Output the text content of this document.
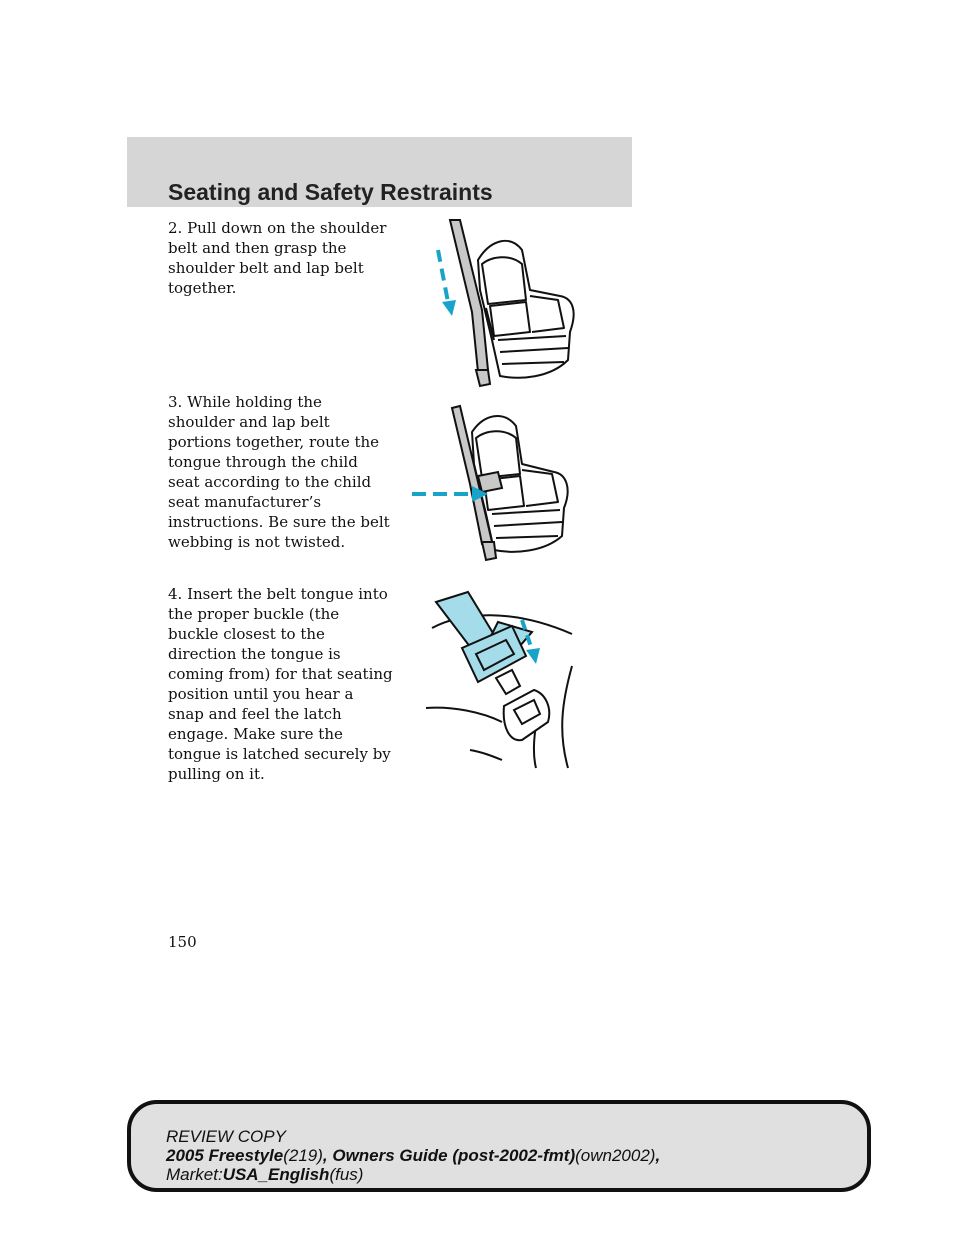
Seating and Safety Restraints

2. Pull down on the shoulder belt and then grasp the shoulder belt and lap belt together.

3. While holding the shoulder and lap belt portions together, route the tongue through the child seat according to the child seat manufacturer’s instructions. Be sure the belt webbing is not twisted.

4. Insert the belt tongue into the proper buckle (the buckle closest to the direction the tongue is coming from) for that seating position until you hear a snap and feel the latch engage. Make sure the tongue is latched securely by pulling on it.

150

REVIEW COPY

2005 Freestyle(219), Owners Guide (post-2002-fmt)(own2002),

Market:USA_English(fus)
